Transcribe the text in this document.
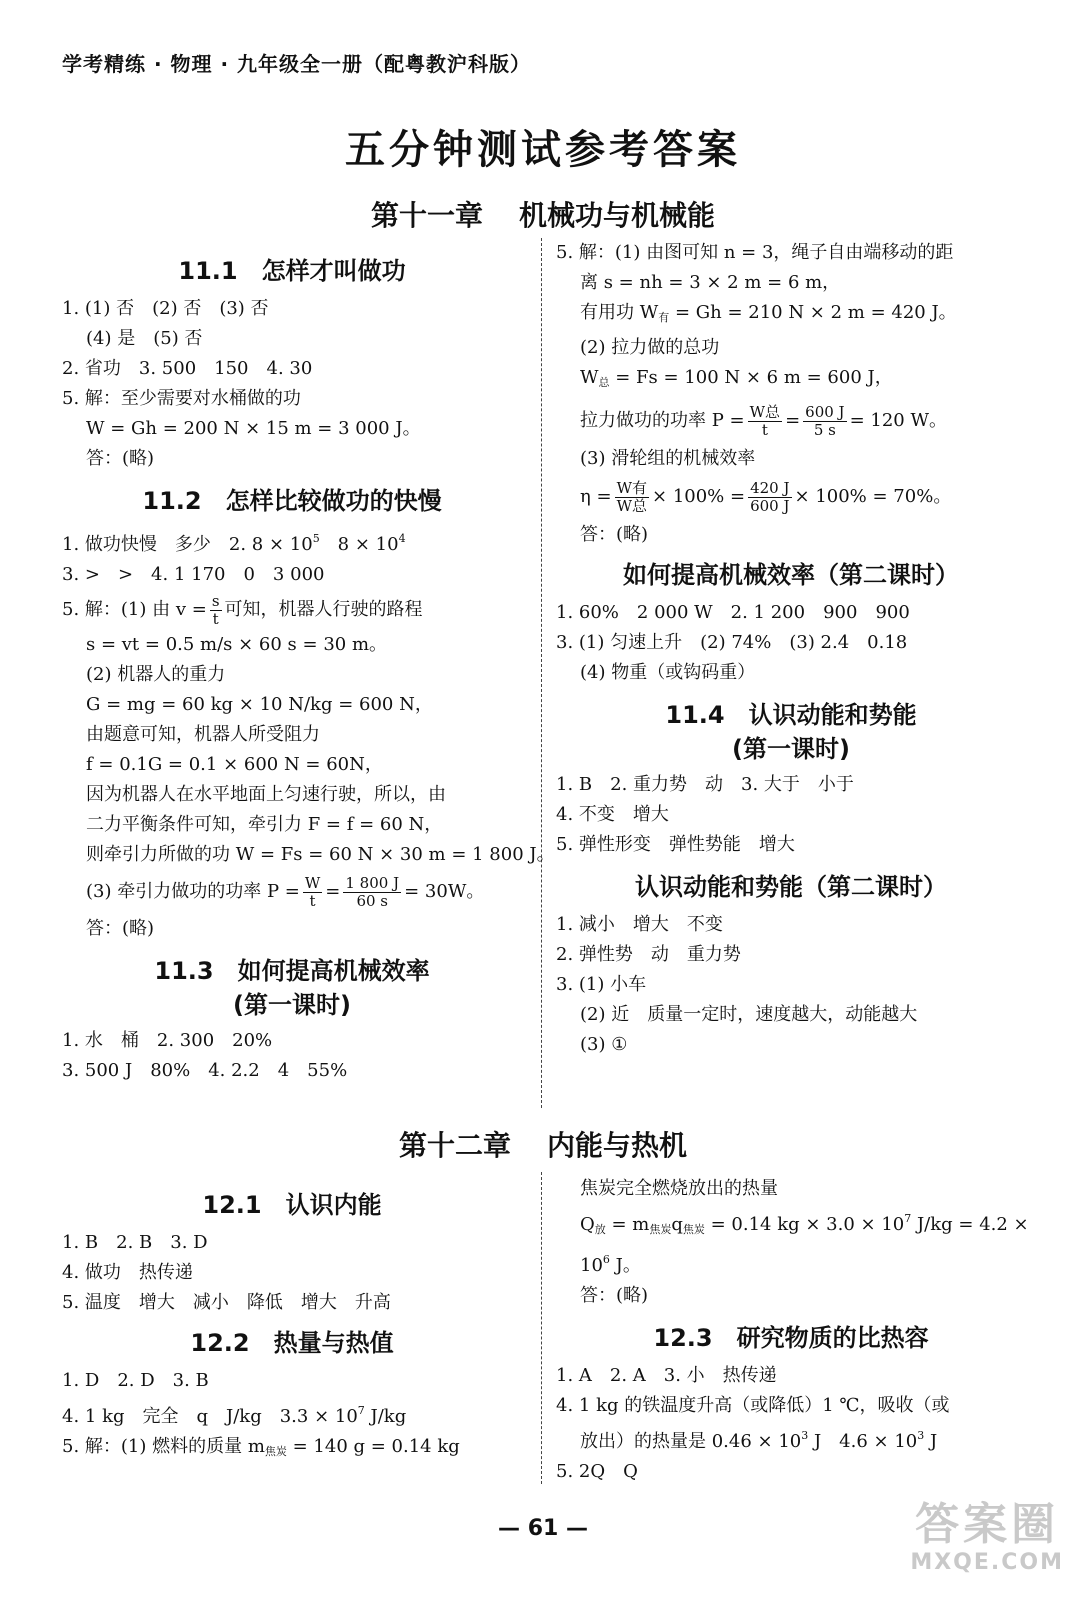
学考精练 · 物理 · 九年级全一册（配粤教沪科版）
五分钟测试参考答案
第十一章 机械功与机械能
11.1　怎样才叫做功
1. (1) 否　(2) 否　(3) 否
(4) 是　(5) 否
2. 省功　3. 500　150　4. 30
5. 解：至少需要对水桶做的功
W = Gh = 200 N × 15 m = 3 000 J。
答：(略)
11.2　怎样比较做功的快慢
1. 做功快慢　多少　2. $8 \times 10^5$　$8 \times 10^4$
3. >　>　4. 1 170　0　3 000
5. 解：(1) 由 $v = \frac{s}{t}$ 可知，机器人行驶的路程
s = vt = 0.5 m/s × 60 s = 30 m。
(2) 机器人的重力
G = mg = 60 kg × 10 N/kg = 600 N，
由题意可知，机器人所受阻力
f = 0.1G = 0.1 × 600 N = 60N，
因为机器人在水平地面上匀速行驶，所以，由
二力平衡条件可知，牵引力 F = f = 60 N，
则牵引力所做的功 W = Fs = 60 N × 30 m = 1 800 J。
(3) 牵引力做功的功率 $P = \frac{W}{t} = \frac{1 800 J}{60 s} = 30W$。
答：(略)
11.3　如何提高机械效率
(第一课时)
1. 水　桶　2. 300　20%
3. 500 J　80%　4. 2.2　4　55%
5. 解：(1) 由图可知 n = 3，绳子自由端移动的距
离 s = nh = 3 × 2 m = 6 m，
有用功 $W_有 = Gh = 210$ N × 2 m = 420 J。
(2) 拉力做的总功
$W_总 = Fs = 100$ N × 6 m = 600 J，
拉力做功的功率 $P = \frac{\text{W总}}{t} = \frac{600 J}{5 s} = 120$ W。
(3) 滑轮组的机械效率
$\eta = \frac{\text{W有}}{\text{W总}} \times 100\% = \frac{420 J}{600 J} \times 100\% = 70\%$。
答：(略)
如何提高机械效率（第二课时）
1. 60%　2 000 W　2. 1 200　900　900
3. (1) 匀速上升　(2) 74%　(3) 2.4　0.18
(4) 物重（或钩码重）
11.4　认识动能和势能
(第一课时)
1. B　2. 重力势　动　3. 大于　小于
4. 不变　增大
5. 弹性形变　弹性势能　增大
认识动能和势能（第二课时）
1. 减小　增大　不变
2. 弹性势　动　重力势
3. (1) 小车
(2) 近　质量一定时，速度越大，动能越大
(3) ①
第十二章 内能与热机
12.1　认识内能
1. B　2. B　3. D
4. 做功　热传递
5. 温度　增大　减小　降低　增大　升高
12.2　热量与热值
1. D　2. D　3. B
4. 1 kg　完全　q　J/kg　$3.3 \times 10^7$ J/kg
5. 解：(1) 燃料的质量 $m_{焦炭} = 140$ g = 0.14 kg
焦炭完全燃烧放出的热量
$Q_放 = m_{焦炭}q_{焦炭} = 0.14$ kg × $3.0 \times 10^7$ J/kg = 4.2 ×
$10^6$ J。
答：(略)
12.3　研究物质的比热容
1. A　2. A　3. 小　热传递
4. 1 kg 的铁温度升高（或降低）1 ℃，吸收（或
放出）的热量是 $0.46 \times 10^3$ J　$4.6 \times 10^3$ J
5. 2Q　Q
— 61 —	答案圈
MXQE.COM
